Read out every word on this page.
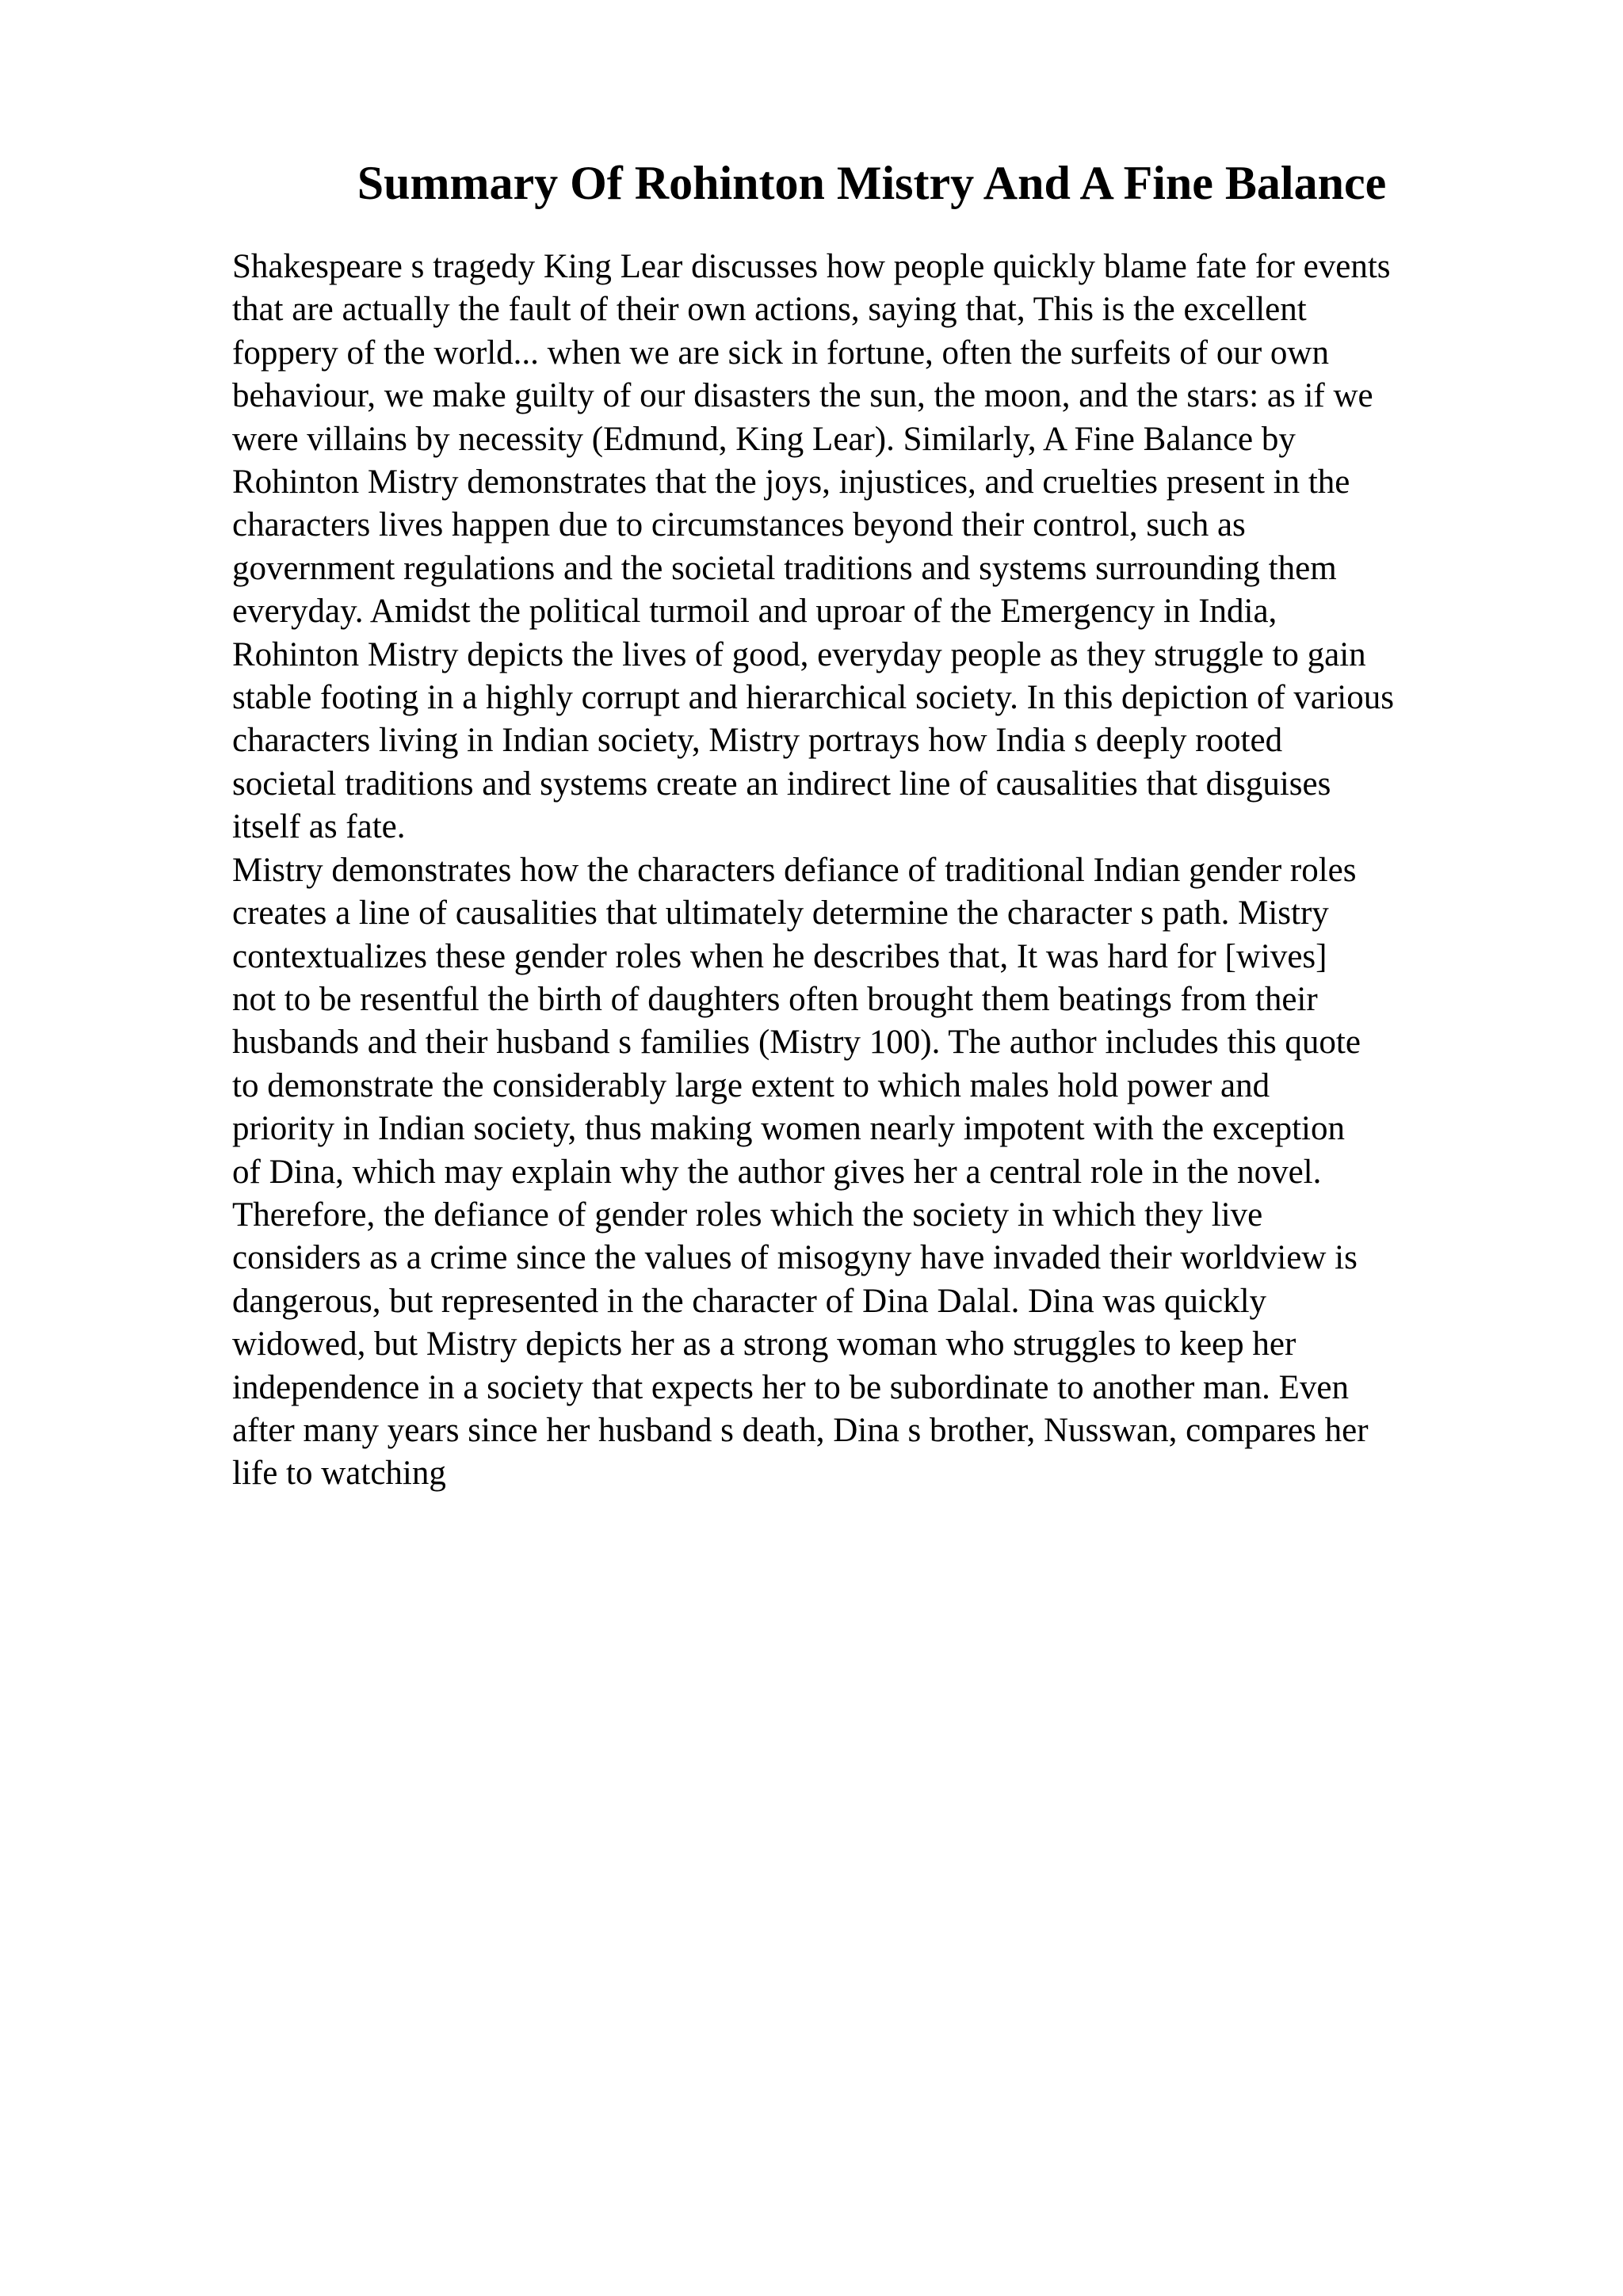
Summary Of Rohinton Mistry And A Fine Balance
Shakespeare s tragedy King Lear discusses how people quickly blame fate for events
that are actually the fault of their own actions, saying that, This is the excellent
foppery of the world... when we are sick in fortune, often the surfeits of our own
behaviour, we make guilty of our disasters the sun, the moon, and the stars: as if we
were villains by necessity (Edmund, King Lear). Similarly, A Fine Balance by
Rohinton Mistry demonstrates that the joys, injustices, and cruelties present in the
characters lives happen due to circumstances beyond their control, such as
government regulations and the societal traditions and systems surrounding them
everyday. Amidst the political turmoil and uproar of the Emergency in India,
Rohinton Mistry depicts the lives of good, everyday people as they struggle to gain
stable footing in a highly corrupt and hierarchical society. In this depiction of various
characters living in Indian society, Mistry portrays how India s deeply rooted
societal traditions and systems create an indirect line of causalities that disguises
itself as fate.
Mistry demonstrates how the characters defiance of traditional Indian gender roles
creates a line of causalities that ultimately determine the character s path. Mistry
contextualizes these gender roles when he describes that, It was hard for [wives]
not to be resentful the birth of daughters often brought them beatings from their
husbands and their husband s families (Mistry 100). The author includes this quote
to demonstrate the considerably large extent to which males hold power and
priority in Indian society, thus making women nearly impotent with the exception
of Dina, which may explain why the author gives her a central role in the novel.
Therefore, the defiance of gender roles which the society in which they live
considers as a crime since the values of misogyny have invaded their worldview is
dangerous, but represented in the character of Dina Dalal. Dina was quickly
widowed, but Mistry depicts her as a strong woman who struggles to keep her
independence in a society that expects her to be subordinate to another man. Even
after many years since her husband s death, Dina s brother, Nusswan, compares her
life to watching
